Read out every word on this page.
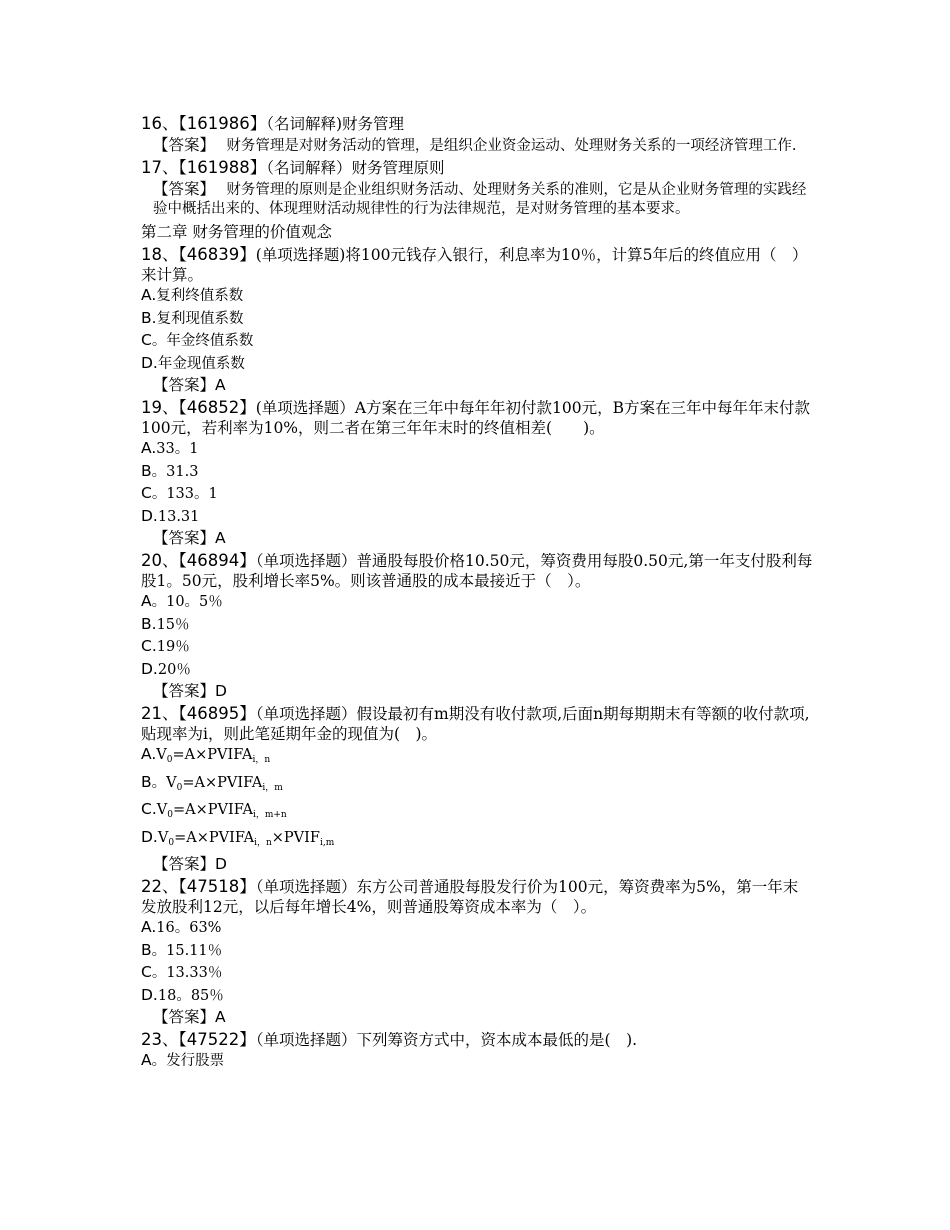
16、【161986】（名词解释)财务管理
【答案】　 财务管理是对财务活动的管理，是组织企业资金运动、处理财务关系的一项经济管理工作.
17、【161988】（名词解释）财务管理原则
【答案】　 财务管理的原则是企业组织财务活动、处理财务关系的准则，它是从企业财务管理的实践经验中概括出来的、体现理财活动规律性的行为法律规范，是对财务管理的基本要求。
第二章 财务管理的价值观念
18、【46839】(单项选择题)将100元钱存入银行，利息率为10％，计算5年后的终值应用（　）来计算。
A.复利终值系数
B.复利现值系数
C。年金终值系数
D.年金现值系数
【答案】A
19、【46852】(单项选择题）A方案在三年中每年年初付款100元，B方案在三年中每年年末付款100元，若利率为10%，则二者在第三年年末时的终值相差(　　)。
A.33。1
B。31.3
C。133。1
D.13.31
【答案】A
20、【46894】（单项选择题）普通股每股价格10.50元，筹资费用每股0.50元,第一年支付股利每股1。50元，股利增长率5%。则该普通股的成本最接近于（　）。
A。10。5％
B.15％
C.19％
D.20％
【答案】D
21、【46895】（单项选择题）假设最初有m期没有收付款项,后面n期每期期末有等额的收付款项,贴现率为i，则此笔延期年金的现值为(　)。
$A.V_0=A\times PVIFA_{i,n}$
B。$V_0=A\times PVIFA_{i,m}$
$C.V_0=A\times PVIFA_{i,m+n}$
$D.V_0=A\times PVIFA_{i,n}\times PVIF_{i,m}$
【答案】D
22、【47518】（单项选择题）东方公司普通股每股发行价为100元，筹资费率为5%，第一年末发放股利12元，以后每年增长4%，则普通股筹资成本率为（　）。
A.16。63%
B。15.11％
C。13.33％
D.18。85％
【答案】A
23、【47522】（单项选择题）下列筹资方式中，资本成本最低的是(　).
A。发行股票
